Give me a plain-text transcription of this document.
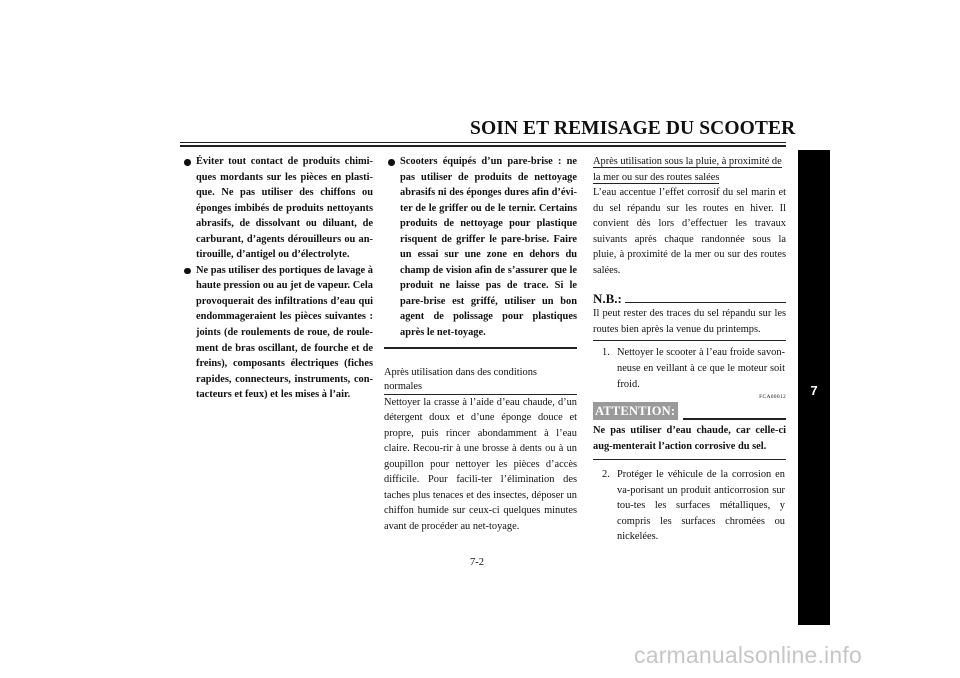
SOIN ET REMISAGE DU SCOOTER
Éviter tout contact de produits chimi-ques mordants sur les pièces en plasti-que. Ne pas utiliser des chiffons ou éponges imbibés de produits nettoyants abrasifs, de dissolvant ou diluant, de carburant, d’agents dérouilleurs ou an-tirouille, d’antigel ou d’électrolyte.
Ne pas utiliser des portiques de lavage à haute pression ou au jet de vapeur. Cela provoquerait des infiltrations d’eau qui endommageraient les pièces suivantes : joints (de roulements de roue, de roule-ment de bras oscillant, de fourche et de freins), composants électriques (fiches rapides, connecteurs, instruments, con-tacteurs et feux) et les mises à l’air.
Scooters équipés d’un pare-brise : ne pas utiliser de produits de nettoyage abrasifs ni des éponges dures afin d’évi-ter de le griffer ou de le ternir. Certains produits de nettoyage pour plastique risquent de griffer le pare-brise. Faire un essai sur une zone en dehors du champ de vision afin de s’assurer que le produit ne laisse pas de trace. Si le pare-brise est griffé, utiliser un bon agent de polissage pour plastiques après le net-toyage.
Après utilisation dans des conditions normales
Nettoyer la crasse à l’aide d’eau chaude, d’un détergent doux et d’une éponge douce et propre, puis rincer abondamment à l’eau claire. Recou-rir à une brosse à dents ou à un goupillon pour nettoyer les pièces d’accès difficile. Pour facili-ter l’élimination des taches plus tenaces et des insectes, déposer un chiffon humide sur ceux-ci quelques minutes avant de procéder au net-toyage.
Après utilisation sous la pluie, à proximité de la mer ou sur des routes salées
L’eau accentue l’effet corrosif du sel marin et du sel répandu sur les routes en hiver. Il convient dès lors d’effectuer les travaux suivants après chaque randonnée sous la pluie, à proximité de la mer ou sur des routes salées.
N.B.:
Il peut rester des traces du sel répandu sur les routes bien après la venue du printemps.
1. Nettoyer le scooter à l’eau froide savon-neuse en veillant à ce que le moteur soit froid.
FCA00012
ATTENTION:
Ne pas utiliser d’eau chaude, car celle-ci aug-menterait l’action corrosive du sel.
2. Protéger le véhicule de la corrosion en va-porisant un produit anticorrosion sur tou-tes les surfaces métalliques, y compris les surfaces chromées ou nickelées.
7-2
7
carmanualsonline.info
